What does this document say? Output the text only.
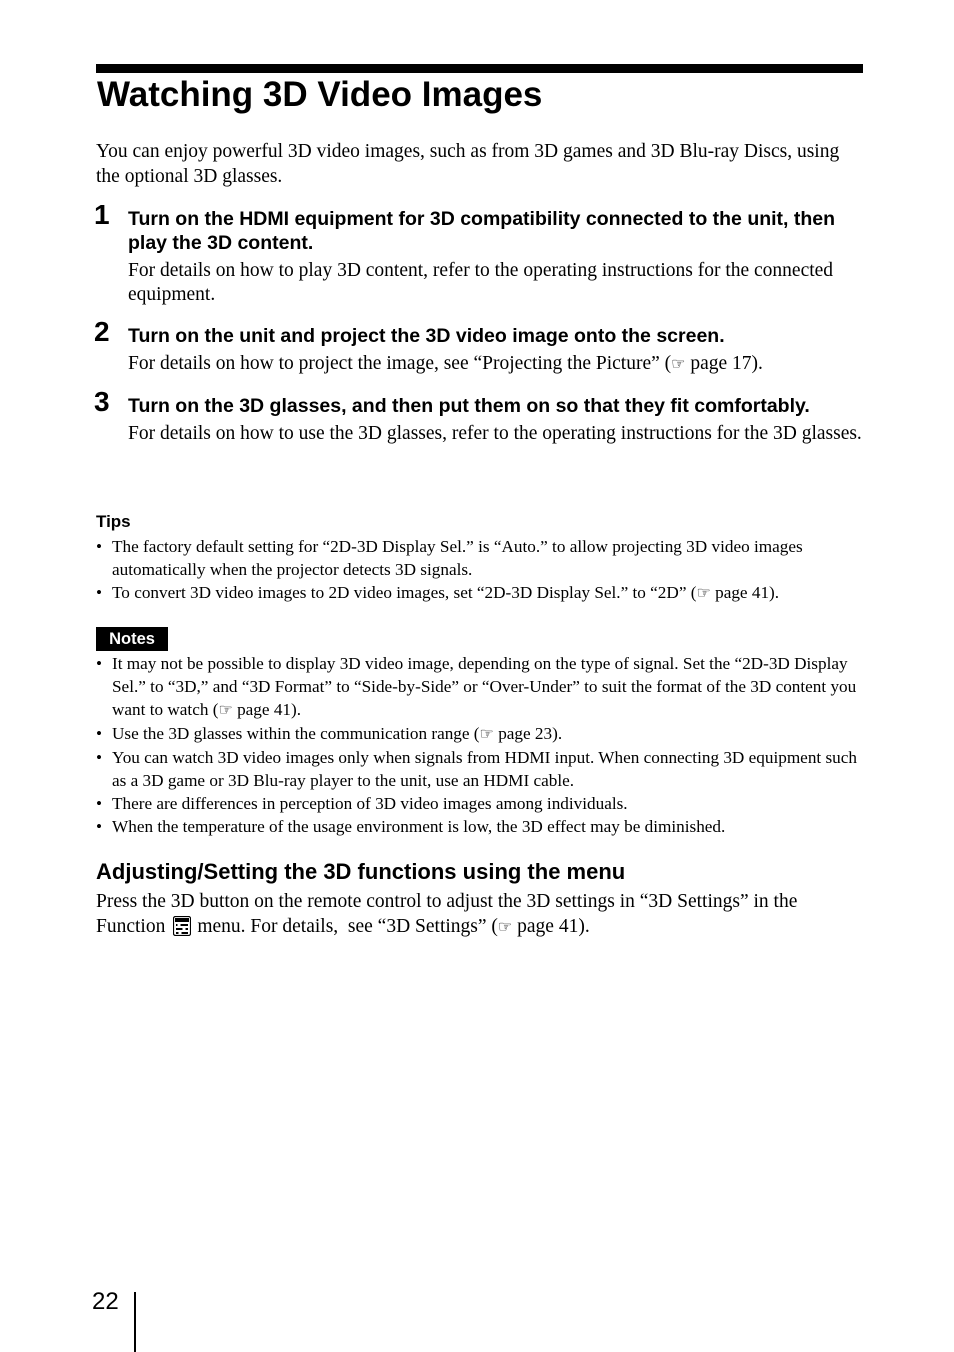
Watching 3D Video Images

You can enjoy powerful 3D video images, such as from 3D games and 3D Blu-ray Discs, using the optional 3D glasses.

1 Turn on the HDMI equipment for 3D compatibility connected to the unit, then play the 3D content.

For details on how to play 3D content, refer to the operating instructions for the connected equipment.

2 Turn on the unit and project the 3D video image onto the screen.

For details on how to project the image, see “Projecting the Picture” (☞ page 17).

3 Turn on the 3D glasses, and then put them on so that they fit comfortably.

For details on how to use the 3D glasses, refer to the operating instructions for the 3D glasses.

Tips
• The factory default setting for “2D-3D Display Sel.” is “Auto.” to allow projecting 3D video images automatically when the projector detects 3D signals.
• To convert 3D video images to 2D video images, set “2D-3D Display Sel.” to “2D” (☞ page 41).
Notes
• It may not be possible to display 3D video image, depending on the type of signal. Set the “2D-3D Display Sel.” to “3D,” and “3D Format” to “Side-by-Side” or “Over-Under” to suit the format of the 3D content you want to watch (☞ page 41).
• Use the 3D glasses within the communication range (☞ page 23).
• You can watch 3D video images only when signals from HDMI input. When connecting 3D equipment such as a 3D game or 3D Blu-ray player to the unit, use an HDMI cable.
• There are differences in perception of 3D video images among individuals.
• When the temperature of the usage environment is low, the 3D effect may be diminished.
Adjusting/Setting the 3D functions using the menu

Press the 3D button on the remote control to adjust the 3D settings in “3D Settings” in the Function menu. For details,  see “3D Settings” (☞ page 41).

22
